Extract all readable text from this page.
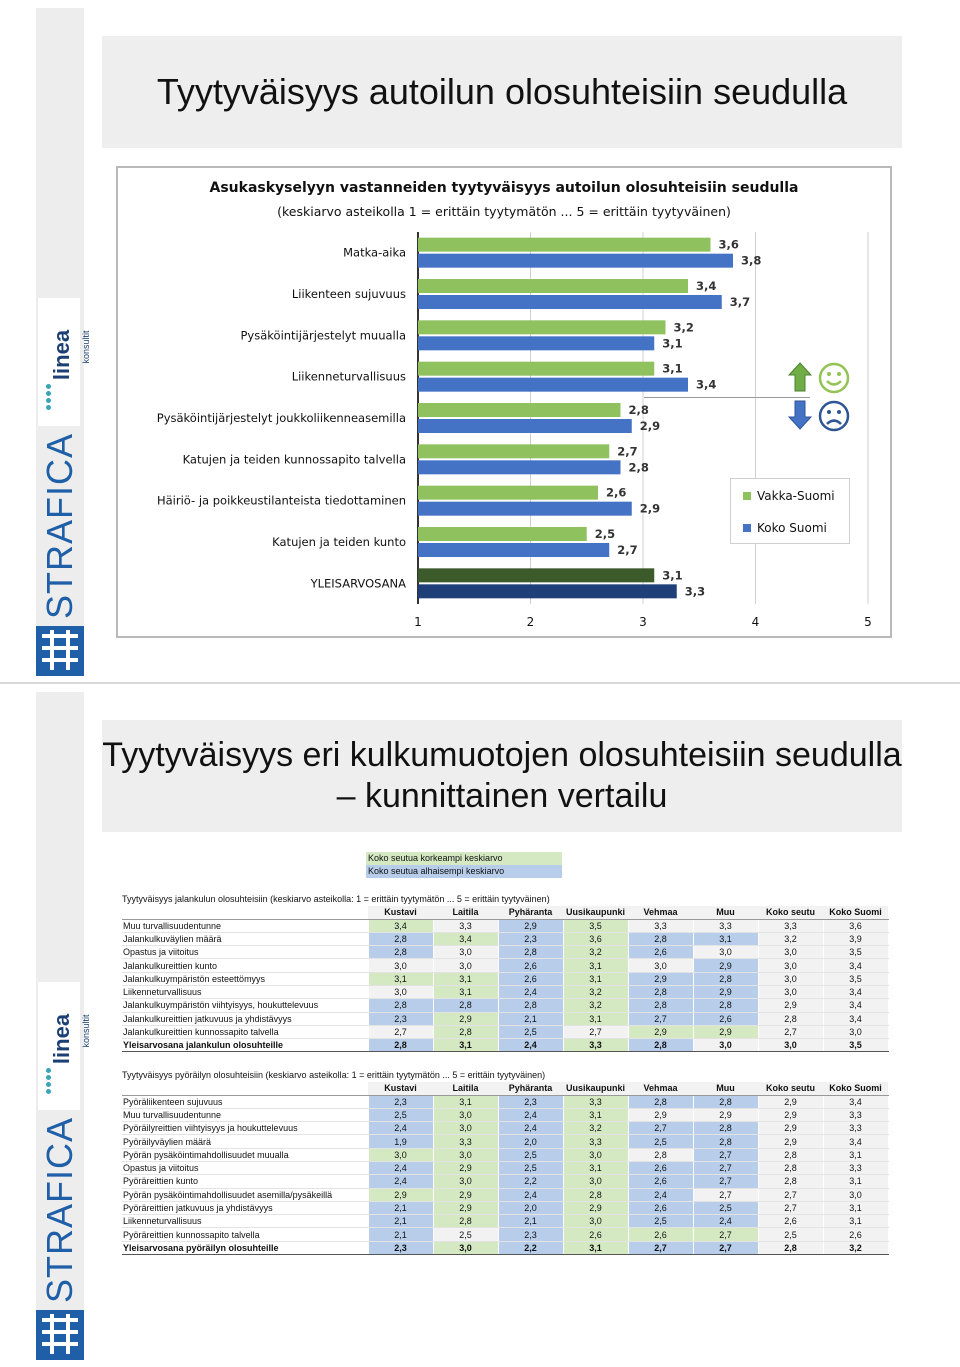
linea konsultit
STRAFICA
Tyytyväisyys autoilun olosuhteisiin seudulla
Asukaskyselyyn vastanneiden tyytyväisyys autoilun olosuhteisiin seudulla
(keskiarvo asteikolla 1 = erittäin tyytymätön ... 5 = erittäin tyytyväinen)
1	2	3	4	5
Matka-aika
3,6
3,8
Liikenteen sujuvuus
3,4
3,7
Pysäköintijärjestelyt muualla
3,2
3,1
Liikenneturvallisuus
3,1
3,4
Pysäköintijärjestelyt joukkoliikenneasemilla
2,8
2,9
Katujen ja teiden kunnossapito talvella
2,7
2,8
Häiriö- ja poikkeustilanteista tiedottaminen
2,6
2,9
Katujen ja teiden kunto
2,5
2,7
YLEISARVOSANA
3,1
3,3
Vakka-Suomi
Koko Suomi
linea konsultit
STRAFICA
Tyytyväisyys eri kulkumuotojen olosuhteisiin seudulla – kunnittainen vertailu
Koko seutua korkeampi keskiarvo
Koko seutua alhaisempi keskiarvo
Tyytyväisyys jalankulun olosuhteisiin (keskiarvo asteikolla: 1 = erittäin tyytymätön ... 5 = erittäin tyytyväinen)
	Kustavi	Laitila	Pyhäranta	Uusikaupunki	Vehmaa	Muu	Koko seutu	Koko Suomi
Muu turvallisuudentunne	3,4	3,3	2,9	3,5	3,3	3,3	3,3	3,6
Jalankulkuväylien määrä	2,8	3,4	2,3	3,6	2,8	3,1	3,2	3,9
Opastus ja viitoitus	2,8	3,0	2,8	3,2	2,6	3,0	3,0	3,5
Jalankulkureittien kunto	3,0	3,0	2,6	3,1	3,0	2,9	3,0	3,4
Jalankulkuympäristön esteettömyys	3,1	3,1	2,6	3,1	2,9	2,8	3,0	3,5
Liikenneturvallisuus	3,0	3,1	2,4	3,2	2,8	2,9	3,0	3,4
Jalankulkuympäristön viihtyisyys, houkuttelevuus	2,8	2,8	2,8	3,2	2,8	2,8	2,9	3,4
Jalankulkureittien jatkuvuus ja yhdistävyys	2,3	2,9	2,1	3,1	2,7	2,6	2,8	3,4
Jalankulkureittien kunnossapito talvella	2,7	2,8	2,5	2,7	2,9	2,9	2,7	3,0
Yleisarvosana jalankulun olosuhteille	2,8	3,1	2,4	3,3	2,8	3,0	3,0	3,5
Tyytyväisyys pyöräilyn olosuhteisiin (keskiarvo asteikolla: 1 = erittäin tyytymätön ... 5 = erittäin tyytyväinen)
	Kustavi	Laitila	Pyhäranta	Uusikaupunki	Vehmaa	Muu	Koko seutu	Koko Suomi
Pyöräliikenteen sujuvuus	2,3	3,1	2,3	3,3	2,8	2,8	2,9	3,4
Muu turvallisuudentunne	2,5	3,0	2,4	3,1	2,9	2,9	2,9	3,3
Pyöräilyreittien viihtyisyys ja houkuttelevuus	2,4	3,0	2,4	3,2	2,7	2,8	2,9	3,3
Pyöräilyväylien määrä	1,9	3,3	2,0	3,3	2,5	2,8	2,9	3,4
Pyörän pysäköintimahdollisuudet muualla	3,0	3,0	2,5	3,0	2,8	2,7	2,8	3,1
Opastus ja viitoitus	2,4	2,9	2,5	3,1	2,6	2,7	2,8	3,3
Pyöräreittien kunto	2,4	3,0	2,2	3,0	2,6	2,7	2,8	3,1
Pyörän pysäköintimahdollisuudet asemilla/pysäkeillä	2,9	2,9	2,4	2,8	2,4	2,7	2,7	3,0
Pyöräreittien jatkuvuus ja yhdistävyys	2,1	2,9	2,0	2,9	2,6	2,5	2,7	3,1
Liikenneturvallisuus	2,1	2,8	2,1	3,0	2,5	2,4	2,6	3,1
Pyöräreittien kunnossapito talvella	2,1	2,5	2,3	2,6	2,6	2,7	2,5	2,6
Yleisarvosana pyöräilyn olosuhteille	2,3	3,0	2,2	3,1	2,7	2,7	2,8	3,2
